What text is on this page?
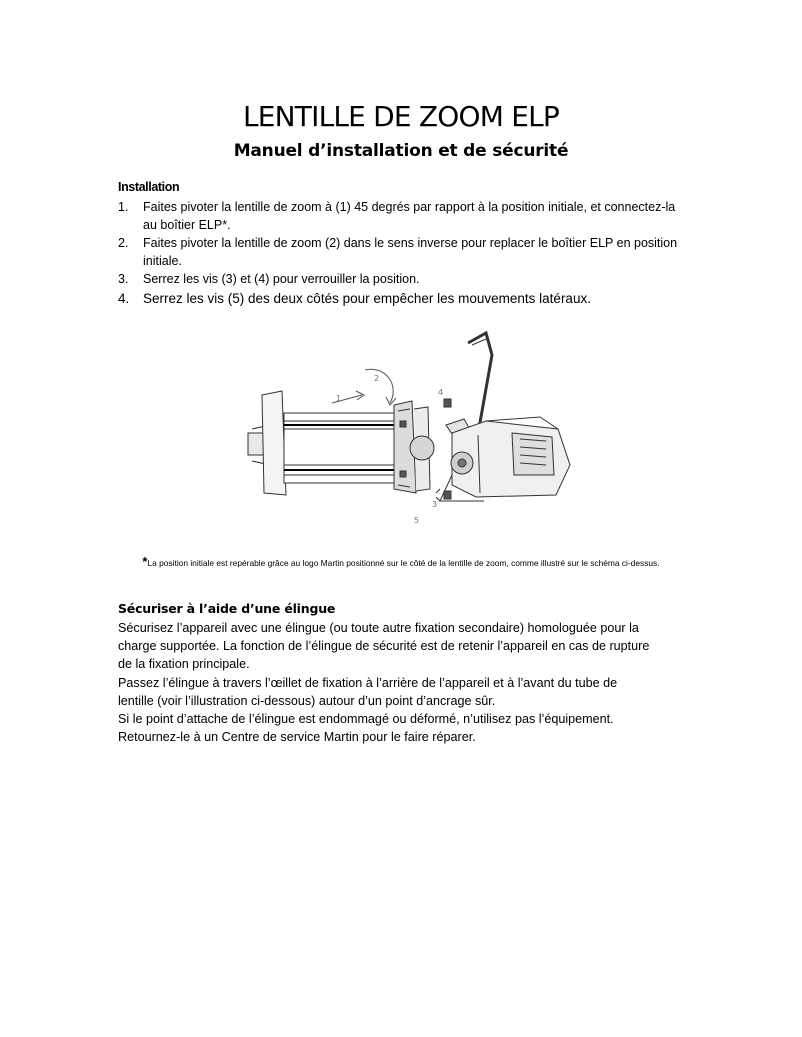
LENTILLE DE ZOOM ELP
Manuel d’installation et de sécurité
Installation
1. Faites pivoter la lentille de zoom à (1) 45 degrés par rapport à la position initiale, et connectez-la au boîtier ELP*.
2. Faites pivoter la lentille de zoom (2) dans le sens inverse pour replacer le boîtier ELP en position initiale.
3. Serrez les vis (3) et (4) pour verrouiller la position.
4. Serrez les vis (5) des deux côtés pour empêcher les mouvements latéraux.
1
2
3
4
5
*La position initiale est repérable grâce au logo Martin positionné sur le côté de la lentille de zoom, comme illustré sur le schéma ci-dessus.
Sécuriser à l’aide d’une élingue
Sécurisez l’appareil avec une élingue (ou toute autre fixation secondaire) homologuée pour la
charge supportée. La fonction de l’élingue de sécurité est de retenir l’appareil en cas de rupture
de la fixation principale.
Passez l’élingue à travers l’œillet de fixation à l’arrière de l’appareil et à l’avant du tube de
lentille (voir l’illustration ci-dessous) autour d’un point d’ancrage sûr.
Si le point d’attache de l’élingue est endommagé ou déformé, n’utilisez pas l’équipement.
Retournez-le à un Centre de service Martin pour le faire réparer.
